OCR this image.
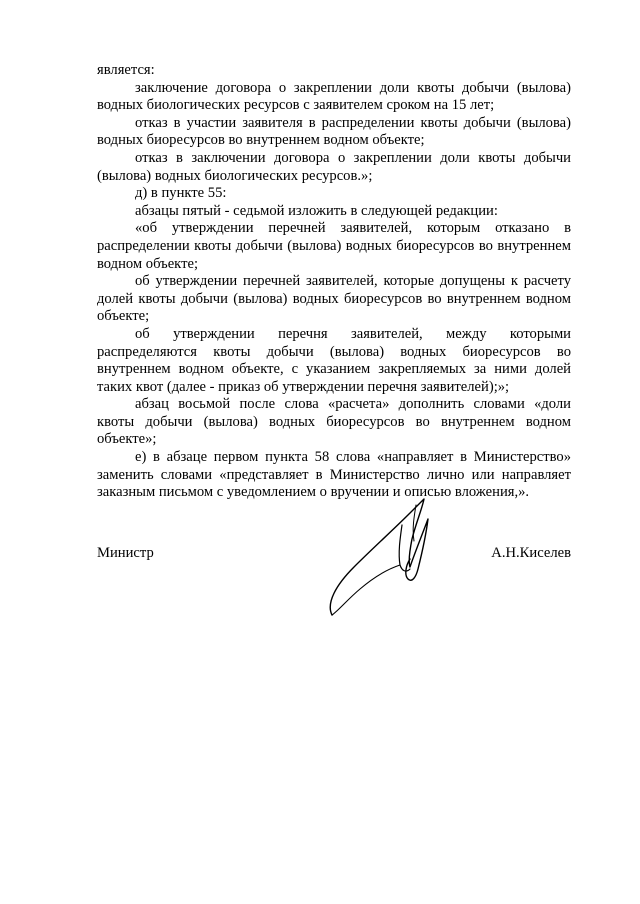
является:

заключение договора о закреплении доли квоты добычи (вылова) водных биологических ресурсов с заявителем сроком на 15 лет;

отказ в участии заявителя в распределении квоты добычи (вылова) водных биоресурсов во внутреннем водном объекте;

отказ в заключении договора о закреплении доли квоты добычи (вылова) водных биологических ресурсов.»;

д) в пункте 55:

абзацы пятый - седьмой изложить в следующей редакции:

«об утверждении перечней заявителей, которым отказано в распределении квоты добычи (вылова) водных биоресурсов во внутреннем водном объекте;

об утверждении перечней заявителей, которые допущены к расчету долей квоты добычи (вылова) водных биоресурсов во внутреннем водном объекте;

об утверждении перечня заявителей, между которыми распределяются квоты добычи (вылова) водных биоресурсов во внутреннем водном объекте, с указанием закрепляемых за ними долей таких квот (далее - приказ об утверждении перечня заявителей);»;

абзац восьмой после слова «расчета» дополнить словами «доли квоты добычи (вылова) водных биоресурсов во внутреннем водном объекте»;

е) в абзаце первом пункта 58 слова «направляет в Министерство» заменить словами «представляет в Министерство лично или направляет заказным письмом с уведомлением о вручении и описью вложения,».

Министр	А.Н.Киселев
